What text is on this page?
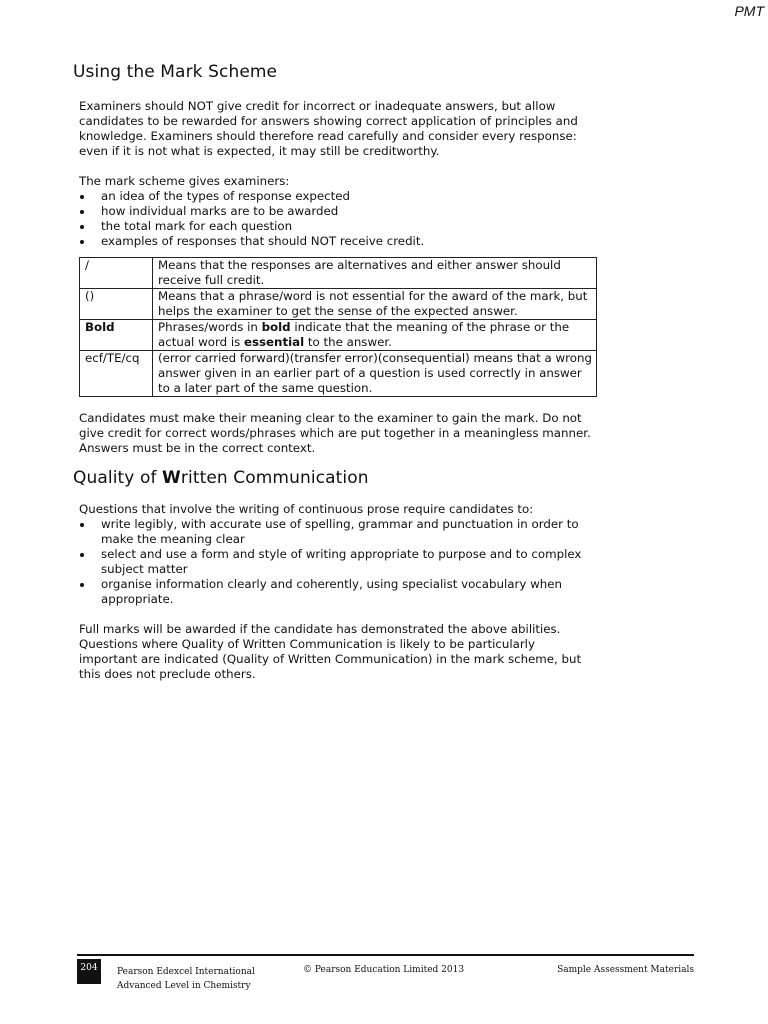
PMT
Using the Mark Scheme

Examiners should NOT give credit for incorrect or inadequate answers, but allow candidates to be rewarded for answers showing correct application of principles and knowledge. Examiners should therefore read carefully and consider every response: even if it is not what is expected, it may still be creditworthy.

The mark scheme gives examiners:

an idea of the types of response expected
how individual marks are to be awarded
the total mark for each question
examples of responses that should NOT receive credit.
/	Means that the responses are alternatives and either answer should receive full credit.
()	Means that a phrase/word is not essential for the award of the mark, but helps the examiner to get the sense of the expected answer.
Bold	Phrases/words in bold indicate that the meaning of the phrase or the actual word is essential to the answer.
ecf/TE/cq	(error carried forward)(transfer error)(consequential) means that a wrong answer given in an earlier part of a question is used correctly in answer to a later part of the same question.

Candidates must make their meaning clear to the examiner to gain the mark. Do not give credit for correct words/phrases which are put together in a meaningless manner. Answers must be in the correct context.

Quality of Written Communication

Questions that involve the writing of continuous prose require candidates to:

write legibly, with accurate use of spelling, grammar and punctuation in order to make the meaning clear
select and use a form and style of writing appropriate to purpose and to complex subject matter
organise information clearly and coherently, using specialist vocabulary when appropriate.

Full marks will be awarded if the candidate has demonstrated the above abilities.

Questions where Quality of Written Communication is likely to be particularly important are indicated (Quality of Written Communication) in the mark scheme, but this does not preclude others.

204	Pearson Edexcel International
Advanced Level in Chemistry
© Pearson Education Limited 2013	Sample Assessment Materials
